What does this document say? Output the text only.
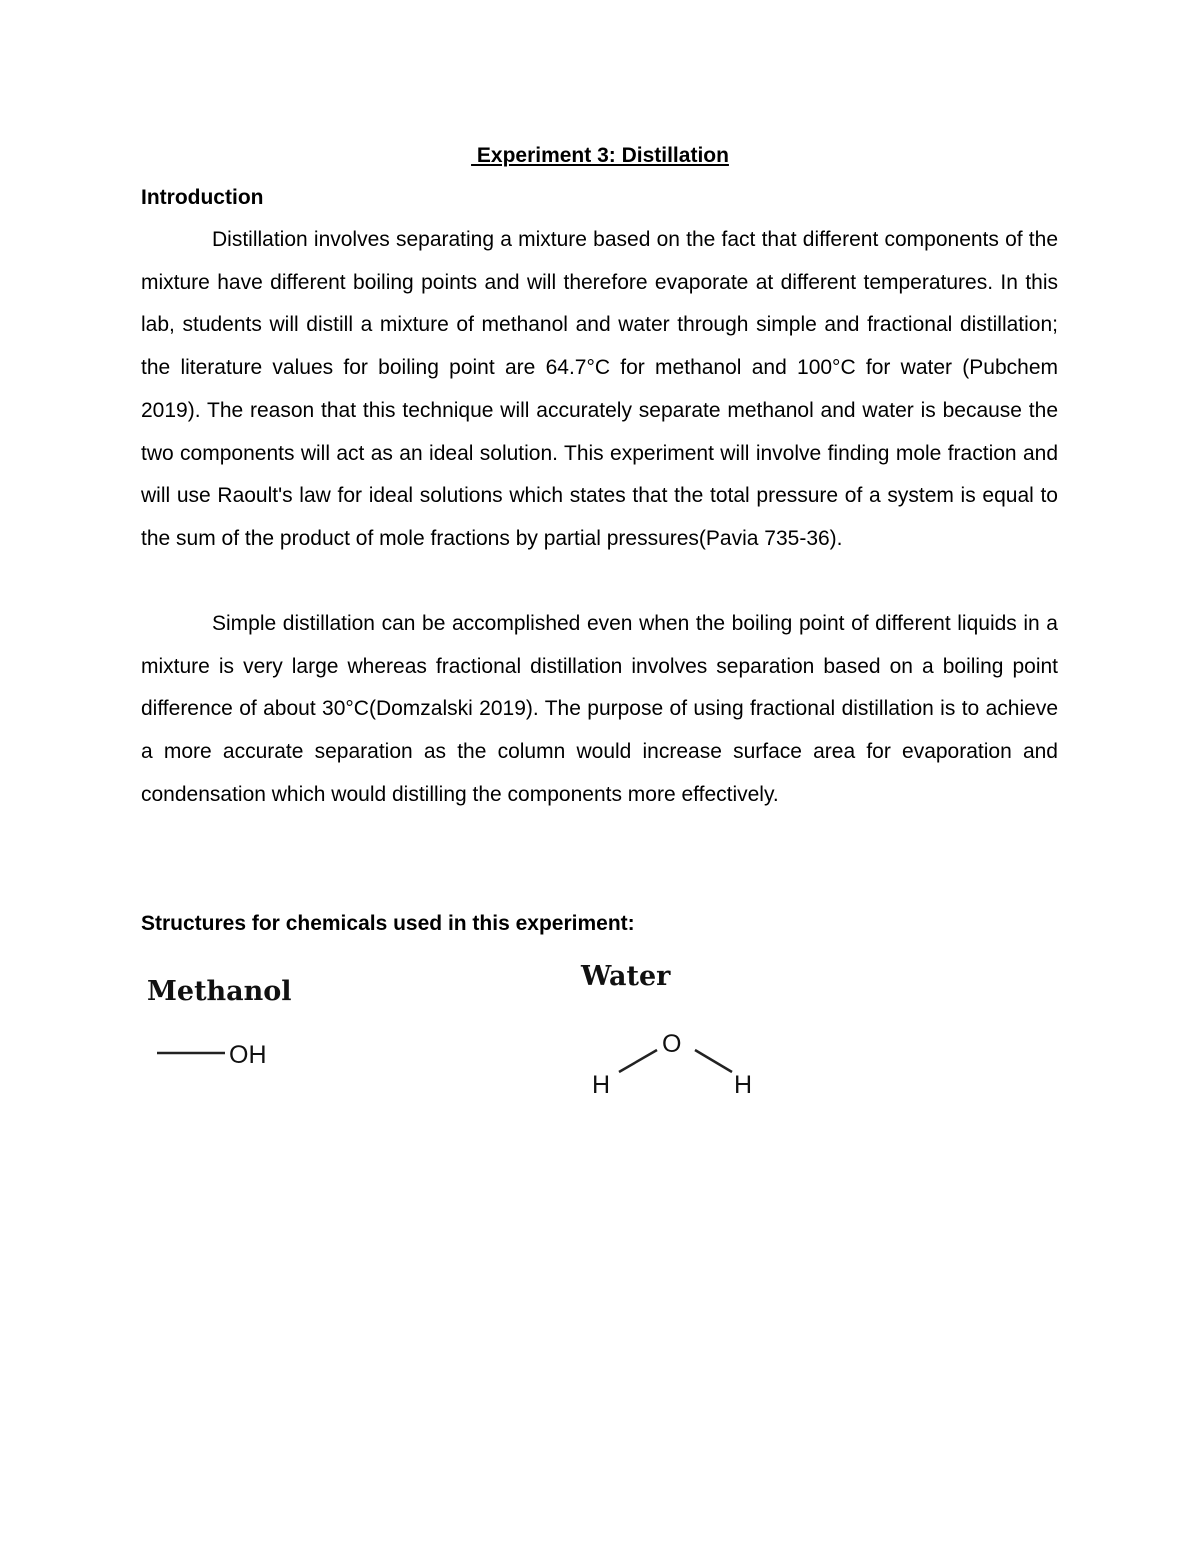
Experiment 3: Distillation
Introduction

Distillation involves separating a mixture based on the fact that different components of the mixture have different boiling points and will therefore evaporate at different temperatures. In this lab, students will distill a mixture of methanol and water through simple and fractional distillation; the literature values for boiling point are 64.7°C for methanol and 100°C for water (Pubchem 2019). The reason that this technique will accurately separate methanol and water is because the two components will act as an ideal solution. This experiment will involve finding mole fraction and will use Raoult's law for ideal solutions which states that the total pressure of a system is equal to the sum of the product of mole fractions by partial pressures(Pavia 735-36).

Simple distillation can be accomplished even when the boiling point of different liquids in a mixture is very large whereas fractional distillation involves separation based on a boiling point difference of about 30°C(Domzalski 2019). The purpose of using fractional distillation is to achieve a more accurate separation as the column would increase surface area for evaporation and condensation which would distilling the components more effectively.

Structures for chemicals used in this experiment:
Methanol
OH
Water
O
H	H
